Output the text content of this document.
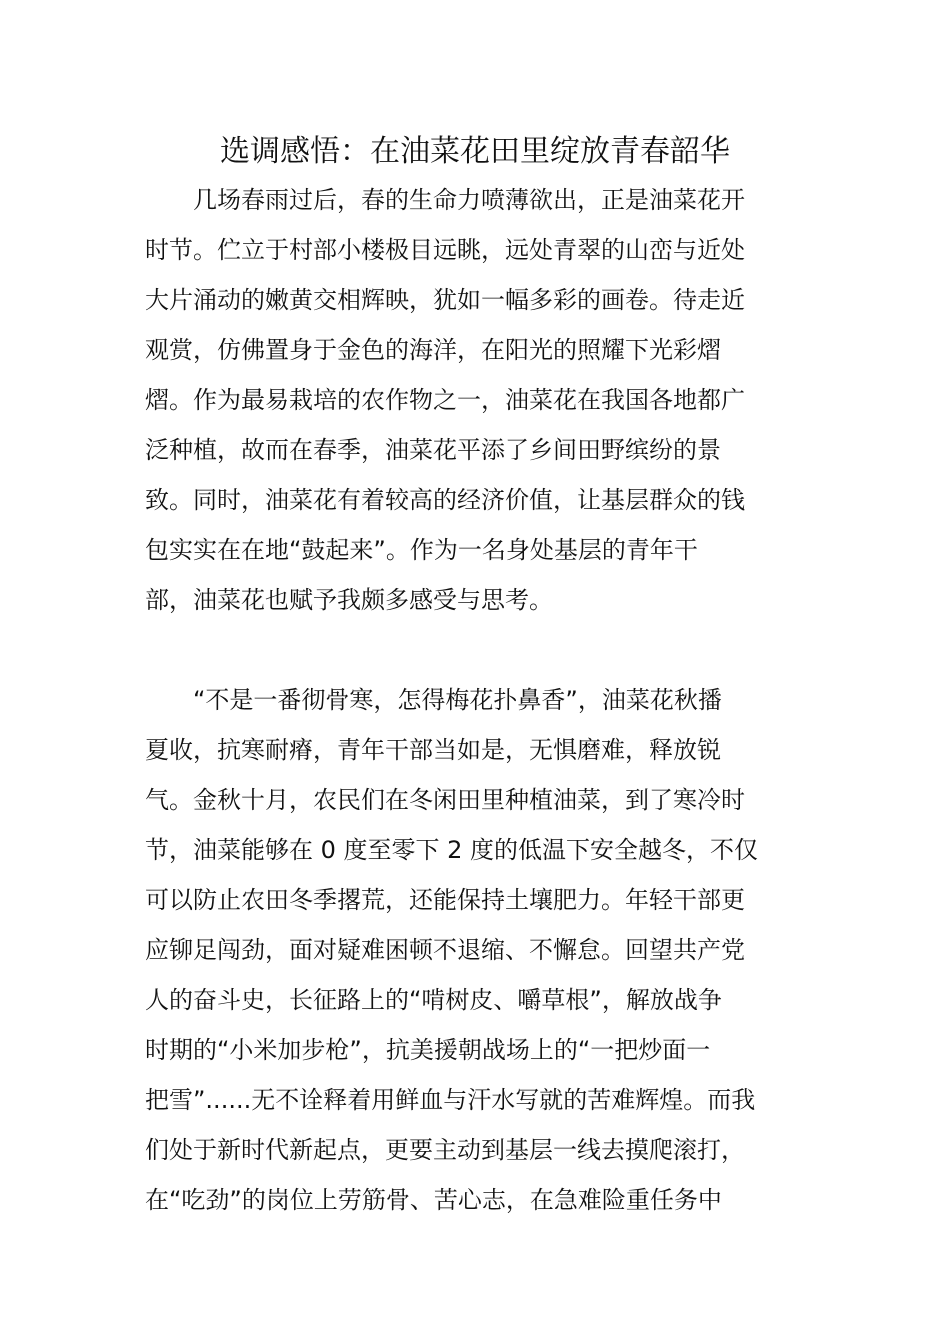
选调感悟：在油菜花田里绽放青春韶华
　　几场春雨过后，春的生命力喷薄欲出，正是油菜花开
时节。伫立于村部小楼极目远眺，远处青翠的山峦与近处
大片涌动的嫩黄交相辉映，犹如一幅多彩的画卷。待走近
观赏，仿佛置身于金色的海洋，在阳光的照耀下光彩熠
熠。作为最易栽培的农作物之一，油菜花在我国各地都广
泛种植，故而在春季，油菜花平添了乡间田野缤纷的景
致。同时，油菜花有着较高的经济价值，让基层群众的钱
包实实在在地“鼓起来”。作为一名身处基层的青年干
部，油菜花也赋予我颇多感受与思考。
　　“不是一番彻骨寒，怎得梅花扑鼻香”，油菜花秋播
夏收，抗寒耐瘠，青年干部当如是，无惧磨难，释放锐
气。金秋十月，农民们在冬闲田里种植油菜，到了寒冷时
节，油菜能够在 0 度至零下 2 度的低温下安全越冬，不仅
可以防止农田冬季撂荒，还能保持土壤肥力。年轻干部更
应铆足闯劲，面对疑难困顿不退缩、不懈怠。回望共产党
人的奋斗史，长征路上的“啃树皮、嚼草根”，解放战争
时期的“小米加步枪”，抗美援朝战场上的“一把炒面一
把雪”......无不诠释着用鲜血与汗水写就的苦难辉煌。而我
们处于新时代新起点，更要主动到基层一线去摸爬滚打，
在“吃劲”的岗位上劳筋骨、苦心志，在急难险重任务中
